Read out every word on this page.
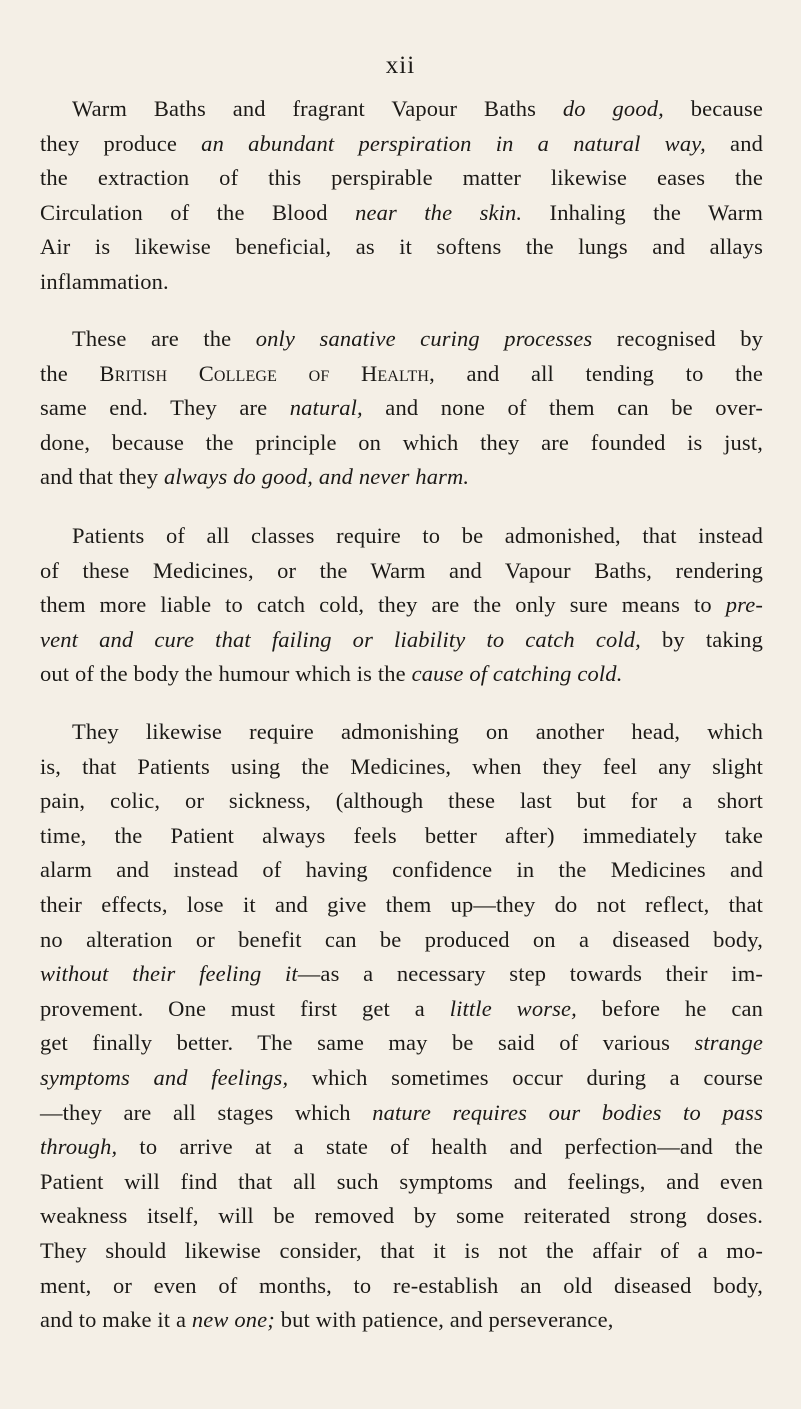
xii
Warm Baths and fragrant Vapour Baths do good, because
they produce an abundant perspiration in a natural way, and
the extraction of this perspirable matter likewise eases the
Circulation of the Blood near the skin. Inhaling the Warm
Air is likewise beneficial, as it softens the lungs and allays
inflammation.
These are the only sanative curing processes recognised by
the British College of Health, and all tending to the
same end. They are natural, and none of them can be over-
done, because the principle on which they are founded is just,
and that they always do good, and never harm.
Patients of all classes require to be admonished, that instead
of these Medicines, or the Warm and Vapour Baths, rendering
them more liable to catch cold, they are the only sure means to pre-
vent and cure that failing or liability to catch cold, by taking
out of the body the humour which is the cause of catching cold.
They likewise require admonishing on another head, which
is, that Patients using the Medicines, when they feel any slight
pain, colic, or sickness, (although these last but for a short
time, the Patient always feels better after) immediately take
alarm and instead of having confidence in the Medicines and
their effects, lose it and give them up—they do not reflect, that
no alteration or benefit can be produced on a diseased body,
without their feeling it—as a necessary step towards their im-
provement. One must first get a little worse, before he can
get finally better. The same may be said of various strange
symptoms and feelings, which sometimes occur during a course
—they are all stages which nature requires our bodies to pass
through, to arrive at a state of health and perfection—and the
Patient will find that all such symptoms and feelings, and even
weakness itself, will be removed by some reiterated strong doses.
They should likewise consider, that it is not the affair of a mo-
ment, or even of months, to re-establish an old diseased body,
and to make it a new one; but with patience, and perseverance,
